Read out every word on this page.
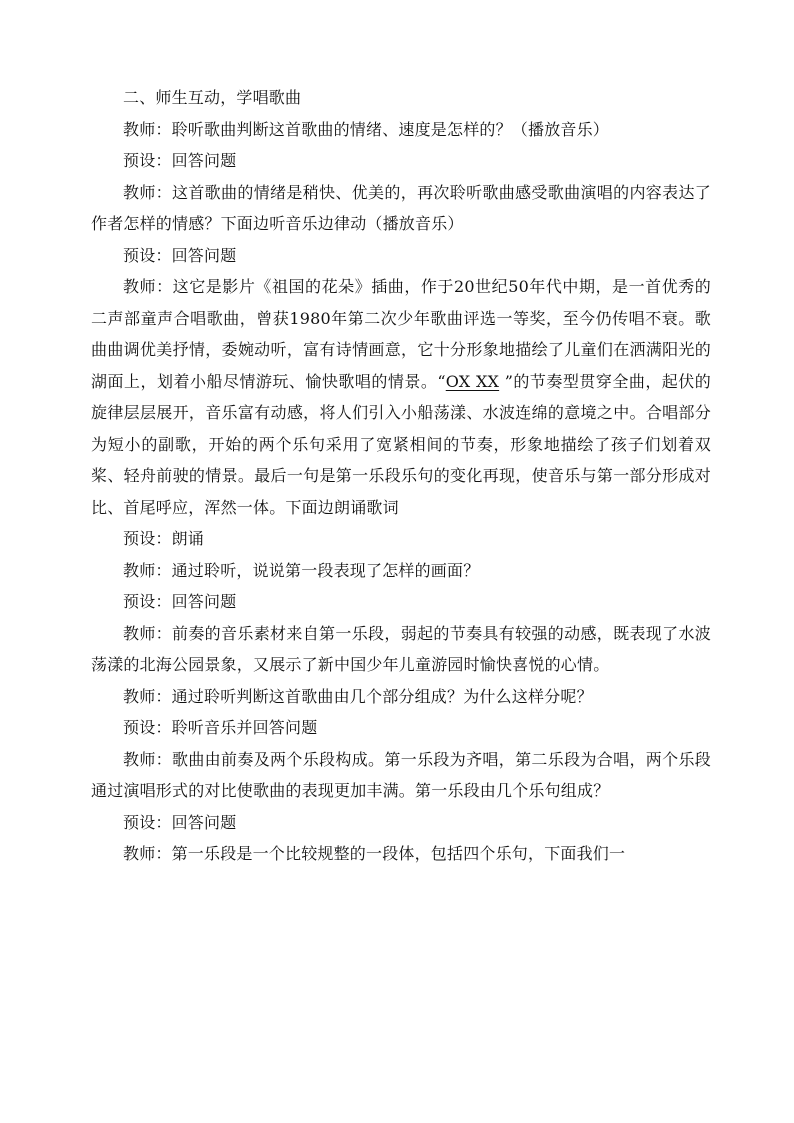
二、师生互动，学唱歌曲

教师：聆听歌曲判断这首歌曲的情绪、速度是怎样的？（播放音乐）

预设：回答问题

教师：这首歌曲的情绪是稍快、优美的，再次聆听歌曲感受歌曲演唱的内容表达了作者怎样的情感？下面边听音乐边律动（播放音乐）

预设：回答问题

教师：这它是影片《祖国的花朵》插曲，作于20世纪50年代中期，是一首优秀的二声部童声合唱歌曲，曾获1980年第二次少年歌曲评选一等奖，至今仍传唱不衰。歌曲曲调优美抒情，委婉动听，富有诗情画意，它十分形象地描绘了儿童们在洒满阳光的湖面上，划着小船尽情游玩、愉快歌唱的情景。“OX XX ”的节奏型贯穿全曲，起伏的旋律层层展开，音乐富有动感，将人们引入小船荡漾、水波连绵的意境之中。合唱部分为短小的副歌，开始的两个乐句采用了宽紧相间的节奏，形象地描绘了孩子们划着双桨、轻舟前驶的情景。最后一句是第一乐段乐句的变化再现，使音乐与第一部分形成对比、首尾呼应，浑然一体。下面边朗诵歌词

预设：朗诵

教师：通过聆听，说说第一段表现了怎样的画面？

预设：回答问题

教师：前奏的音乐素材来自第一乐段，弱起的节奏具有较强的动感，既表现了水波荡漾的北海公园景象，又展示了新中国少年儿童游园时愉快喜悦的心情。

教师：通过聆听判断这首歌曲由几个部分组成？为什么这样分呢？

预设：聆听音乐并回答问题

教师：歌曲由前奏及两个乐段构成。第一乐段为齐唱，第二乐段为合唱，两个乐段通过演唱形式的对比使歌曲的表现更加丰满。第一乐段由几个乐句组成？

预设：回答问题

教师：第一乐段是一个比较规整的一段体，包括四个乐句，下面我们一
